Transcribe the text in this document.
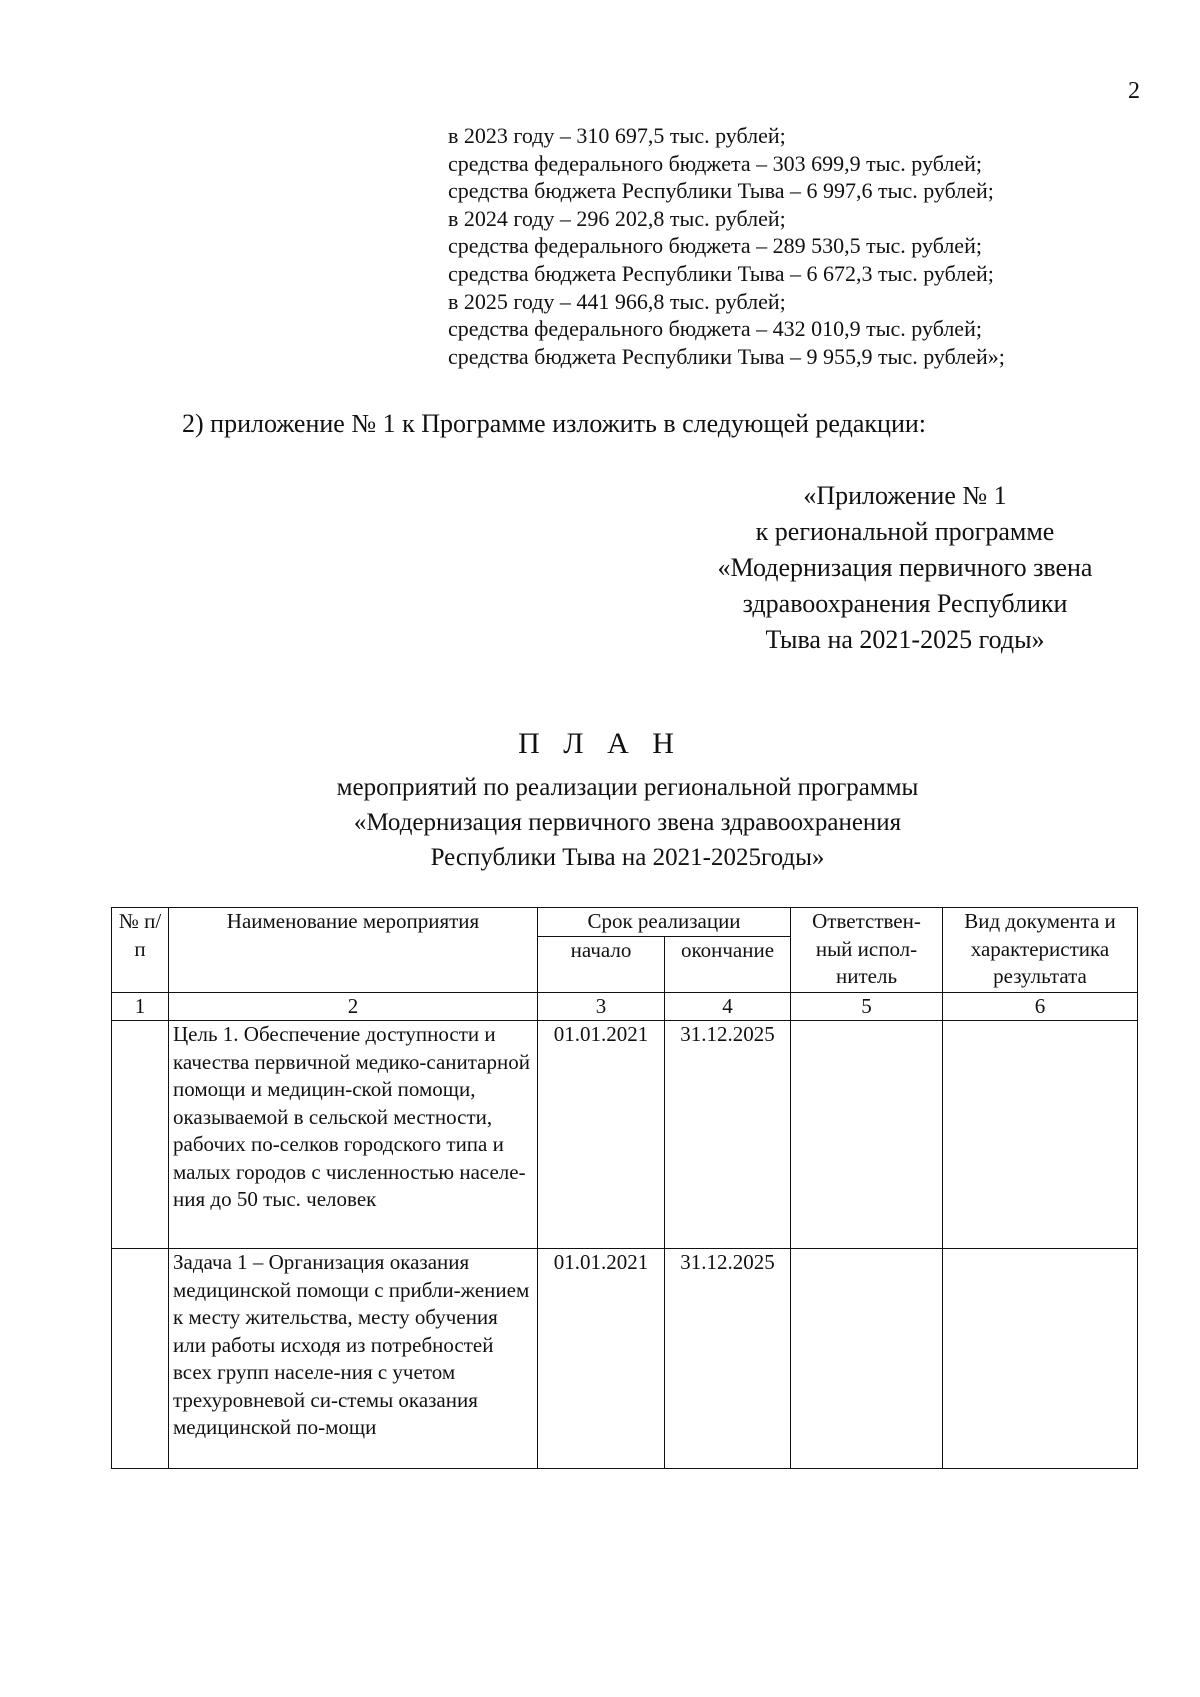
2
в 2023 году – 310 697,5 тыс. рублей;
средства федерального бюджета – 303 699,9 тыс. рублей;
средства бюджета Республики Тыва – 6 997,6 тыс. рублей;
в 2024 году – 296 202,8 тыс. рублей;
средства федерального бюджета – 289 530,5 тыс. рублей;
средства бюджета Республики Тыва – 6 672,3 тыс. рублей;
в 2025 году – 441 966,8 тыс. рублей;
средства федерального бюджета – 432 010,9 тыс. рублей;
средства бюджета Республики Тыва – 9 955,9 тыс. рублей»;
2) приложение № 1 к Программе изложить в следующей редакции:
«Приложение № 1
к региональной программе
«Модернизация первичного звена
здравоохранения Республики
Тыва на 2021-2025 годы»
П Л А Н
мероприятий по реализации региональной программы
«Модернизация первичного звена здравоохранения
Республики Тыва на 2021-2025годы»
№ п/п	Наименование мероприятия	Срок реализации		Ответствен-ный испол-нитель	Вид документа и характеристика результата
		начало	окончание		
1	2	3	4	5	6
	Цель 1. Обеспечение доступности и качества первичной медико-санитарной помощи и медицин-ской помощи, оказываемой в сельской местности, рабочих по-селков городского типа и малых городов с численностью населе-ния до 50 тыс. человек	01.01.2021	31.12.2025		
	Задача 1 – Организация оказания медицинской помощи с прибли-жением к месту жительства, месту обучения или работы исходя из потребностей всех групп населе-ния с учетом трехуровневой си-стемы оказания медицинской по-мощи	01.01.2021	31.12.2025		
